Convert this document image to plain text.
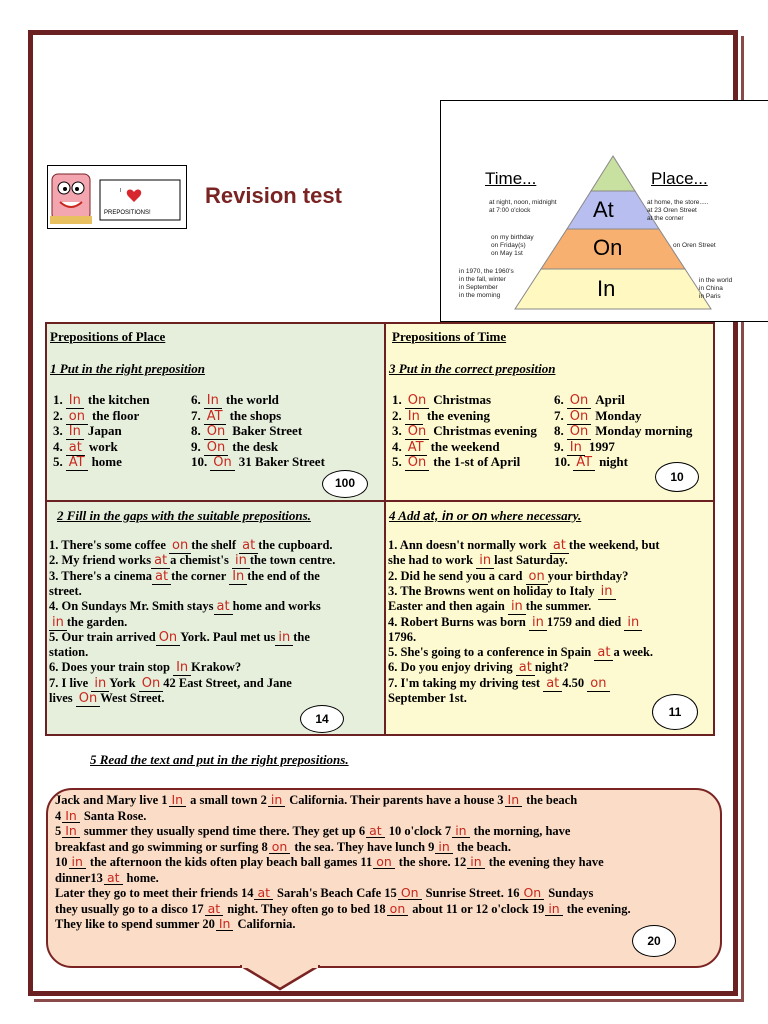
I
PREPOSITIONS!
Revision test
Time...	Place...
At
On
In
at night, noon, midnight
at 7:00 o'clock
on my birthday
on Friday(s)
on May 1st
in 1970, the 1960's
in the fall, winter
in September
in the morning
at home, the store.....
at 23 Oren Street
at the corner
on Oren Street
in the world
in China
in Paris
Prepositions of Place
1 Put in the right preposition
1. In the kitchen
2. on the floor
3. In Japan
4. at work
5. AT home
6. In the world
7. AT the shops
8. On Baker Street
9. On the desk
10. On 31 Baker Street
100
Prepositions of Time
3 Put in the correct preposition
1. On Christmas
2. In the evening
3. On Christmas evening
4. AT the weekend
5. On the 1-st of April
6. On April
7. On Monday
8. On Monday morning
9. In 1997
10. AT night
10
2 Fill in the gaps with the suitable prepositions.
1. There's some coffee on the shelf at the cupboard.
2. My friend works at a chemist's in the town centre.
3. There's a cinema at the corner In the end of the
street.
4. On Sundays Mr. Smith stays at home and works
in the garden.
5. Our train arrived On York. Paul met us in the
station.
6. Does your train stop In Krakow?
7. I live in York On 42 East Street, and Jane
lives On West Street.
14
4 Add at, in or on where necessary.
1. Ann doesn't normally work at the weekend, but
she had to work in last Saturday.
2. Did he send you a card on your birthday?
3. The Browns went on holiday to Italy in
Easter and then again in the summer.
4. Robert Burns was born in 1759 and died in
1796.
5. She's going to a conference in Spain at a week.
6. Do you enjoy driving at night?
7. I'm taking my driving test at 4.50 on
September 1st.
11
5 Read the text and put in the right prepositions.
Jack and Mary live 1 In a small town 2 in California. Their parents have a house 3 In the beach
4 In Santa Rose.
5 In summer they usually spend time there. They get up 6 at 10 o'clock 7 in the morning, have
breakfast and go swimming or surfing 8 on the sea. They have lunch 9 in the beach.
10 in the afternoon the kids often play beach ball games 11 on the shore. 12 in the evening they have
dinner13 at home.
Later they go to meet their friends 14 at Sarah's Beach Cafe 15 On Sunrise Street. 16 On Sundays
they usually go to a disco 17 at night. They often go to bed 18 on about 11 or 12 o'clock 19 in the evening.
They like to spend summer 20 In California.
20
